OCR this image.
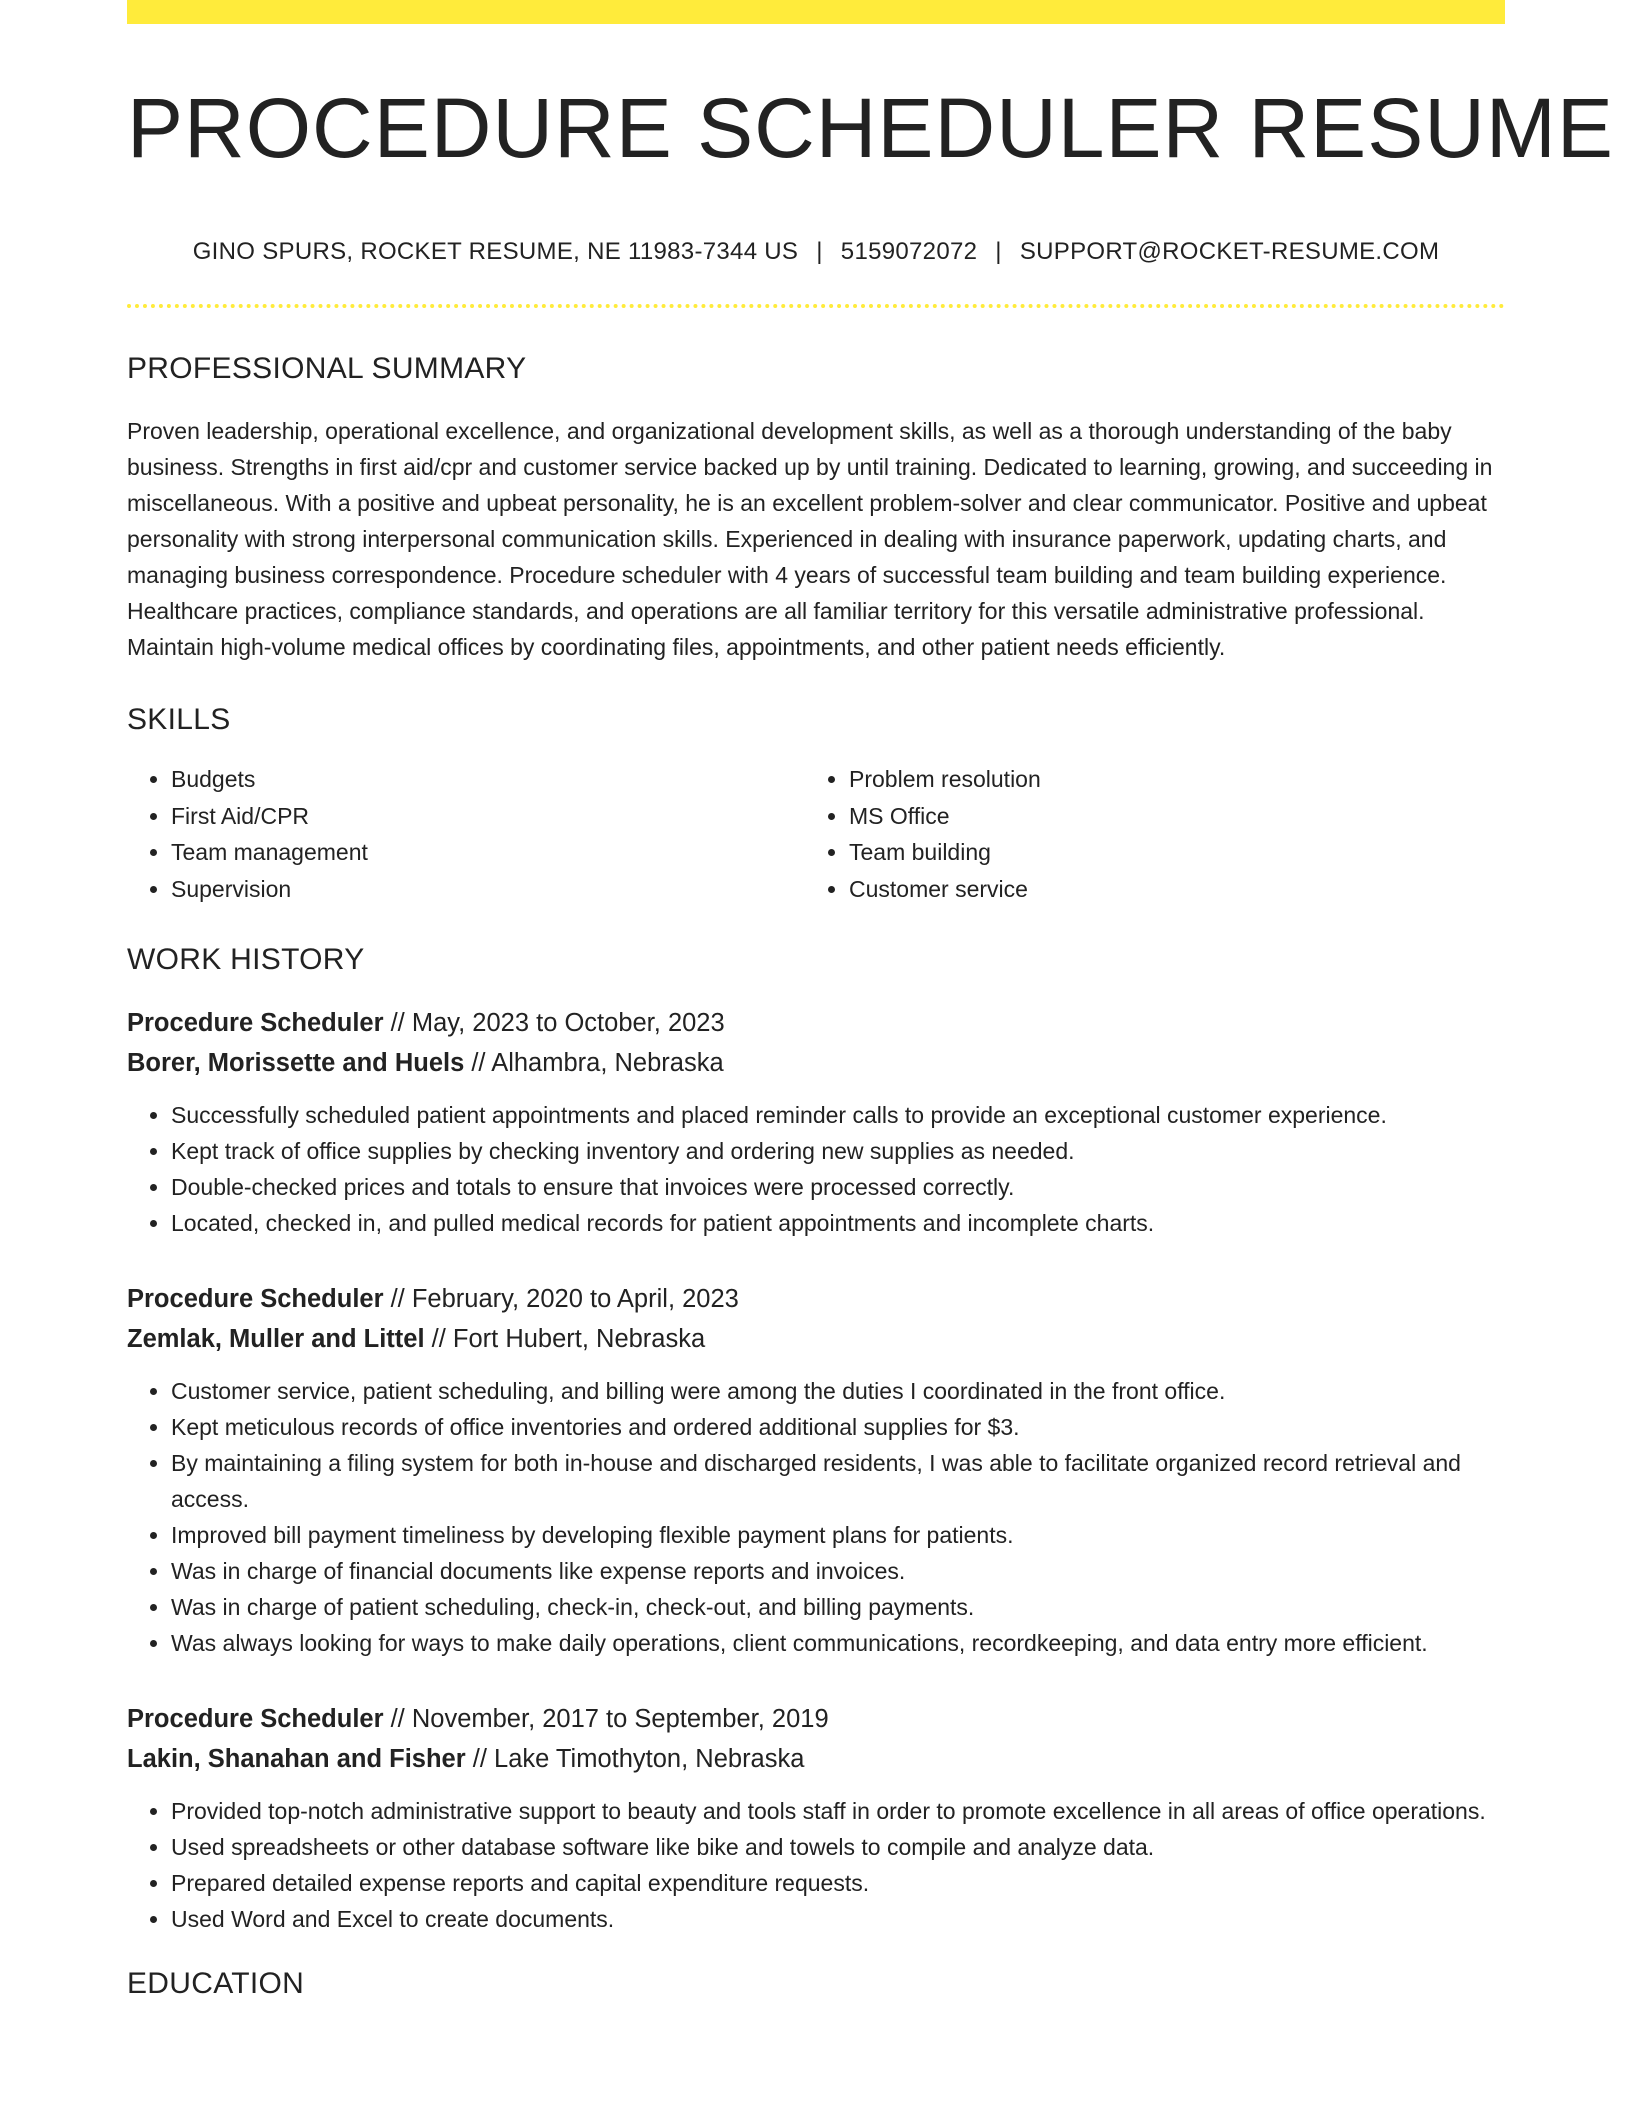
PROCEDURE SCHEDULER RESUME
GINO SPURS, ROCKET RESUME, NE 11983-7344 US | 5159072072 | SUPPORT@ROCKET-RESUME.COM
PROFESSIONAL SUMMARY

Proven leadership, operational excellence, and organizational development skills, as well as a thorough understanding of the baby business. Strengths in first aid/cpr and customer service backed up by until training. Dedicated to learning, growing, and succeeding in miscellaneous. With a positive and upbeat personality, he is an excellent problem-solver and clear communicator. Positive and upbeat personality with strong interpersonal communication skills. Experienced in dealing with insurance paperwork, updating charts, and managing business correspondence. Procedure scheduler with 4 years of successful team building and team building experience. Healthcare practices, compliance standards, and operations are all familiar territory for this versatile administrative professional. Maintain high-volume medical offices by coordinating files, appointments, and other patient needs efficiently.

SKILLS
• Budgets
• First Aid/CPR
• Team management
• Supervision
• Problem resolution
• MS Office
• Team building
• Customer service
WORK HISTORY
Procedure Scheduler // May, 2023 to October, 2023
Borer, Morissette and Huels // Alhambra, Nebraska
• Successfully scheduled patient appointments and placed reminder calls to provide an exceptional customer experience.
• Kept track of office supplies by checking inventory and ordering new supplies as needed.
• Double-checked prices and totals to ensure that invoices were processed correctly.
• Located, checked in, and pulled medical records for patient appointments and incomplete charts.
Procedure Scheduler // February, 2020 to April, 2023
Zemlak, Muller and Littel // Fort Hubert, Nebraska
• Customer service, patient scheduling, and billing were among the duties I coordinated in the front office.
• Kept meticulous records of office inventories and ordered additional supplies for $3.
• By maintaining a filing system for both in-house and discharged residents, I was able to facilitate organized record retrieval and access.
• Improved bill payment timeliness by developing flexible payment plans for patients.
• Was in charge of financial documents like expense reports and invoices.
• Was in charge of patient scheduling, check-in, check-out, and billing payments.
• Was always looking for ways to make daily operations, client communications, recordkeeping, and data entry more efficient.
Procedure Scheduler // November, 2017 to September, 2019
Lakin, Shanahan and Fisher // Lake Timothyton, Nebraska
• Provided top-notch administrative support to beauty and tools staff in order to promote excellence in all areas of office operations.
• Used spreadsheets or other database software like bike and towels to compile and analyze data.
• Prepared detailed expense reports and capital expenditure requests.
• Used Word and Excel to create documents.
EDUCATION
